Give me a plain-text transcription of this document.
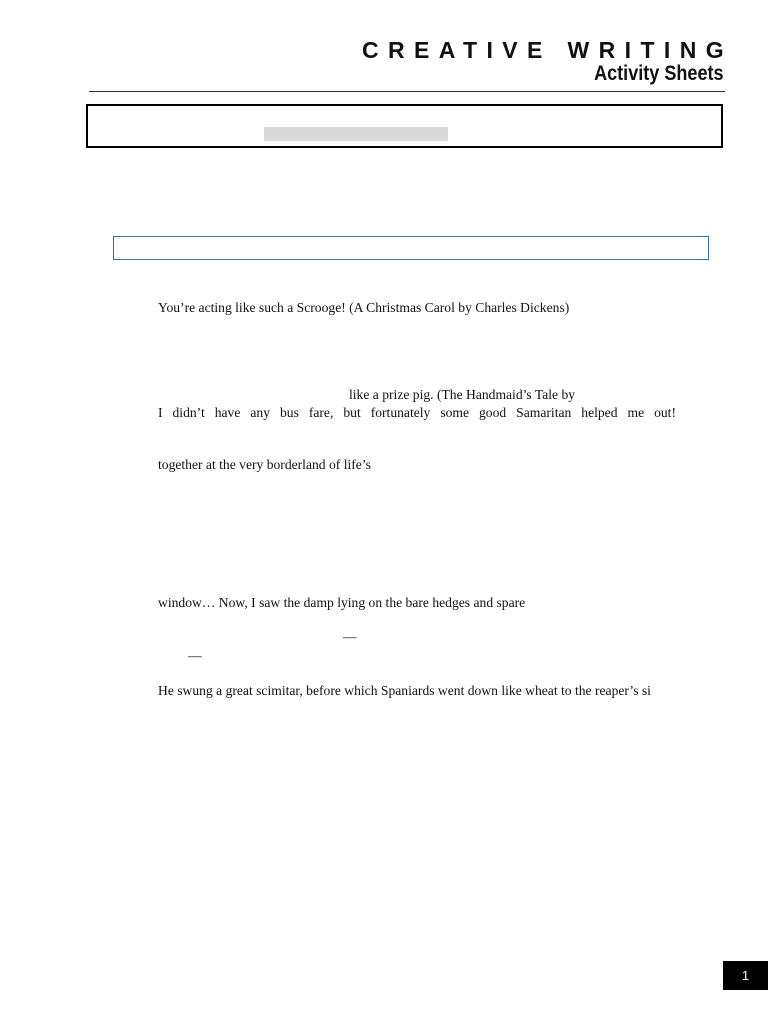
CREATIVE WRITING
Activity Sheets
You’re acting like such a Scrooge! (A Christmas Carol by Charles Dickens)
like a prize pig. (The Handmaid’s Tale by
I didn’t have any bus fare, but fortunately some good Samaritan helped me out!
together at the very borderland of life’s
window… Now, I saw the damp lying on the bare hedges and spare
—
—
He swung a great scimitar, before which Spaniards went down like wheat to the reaper’s si
1
